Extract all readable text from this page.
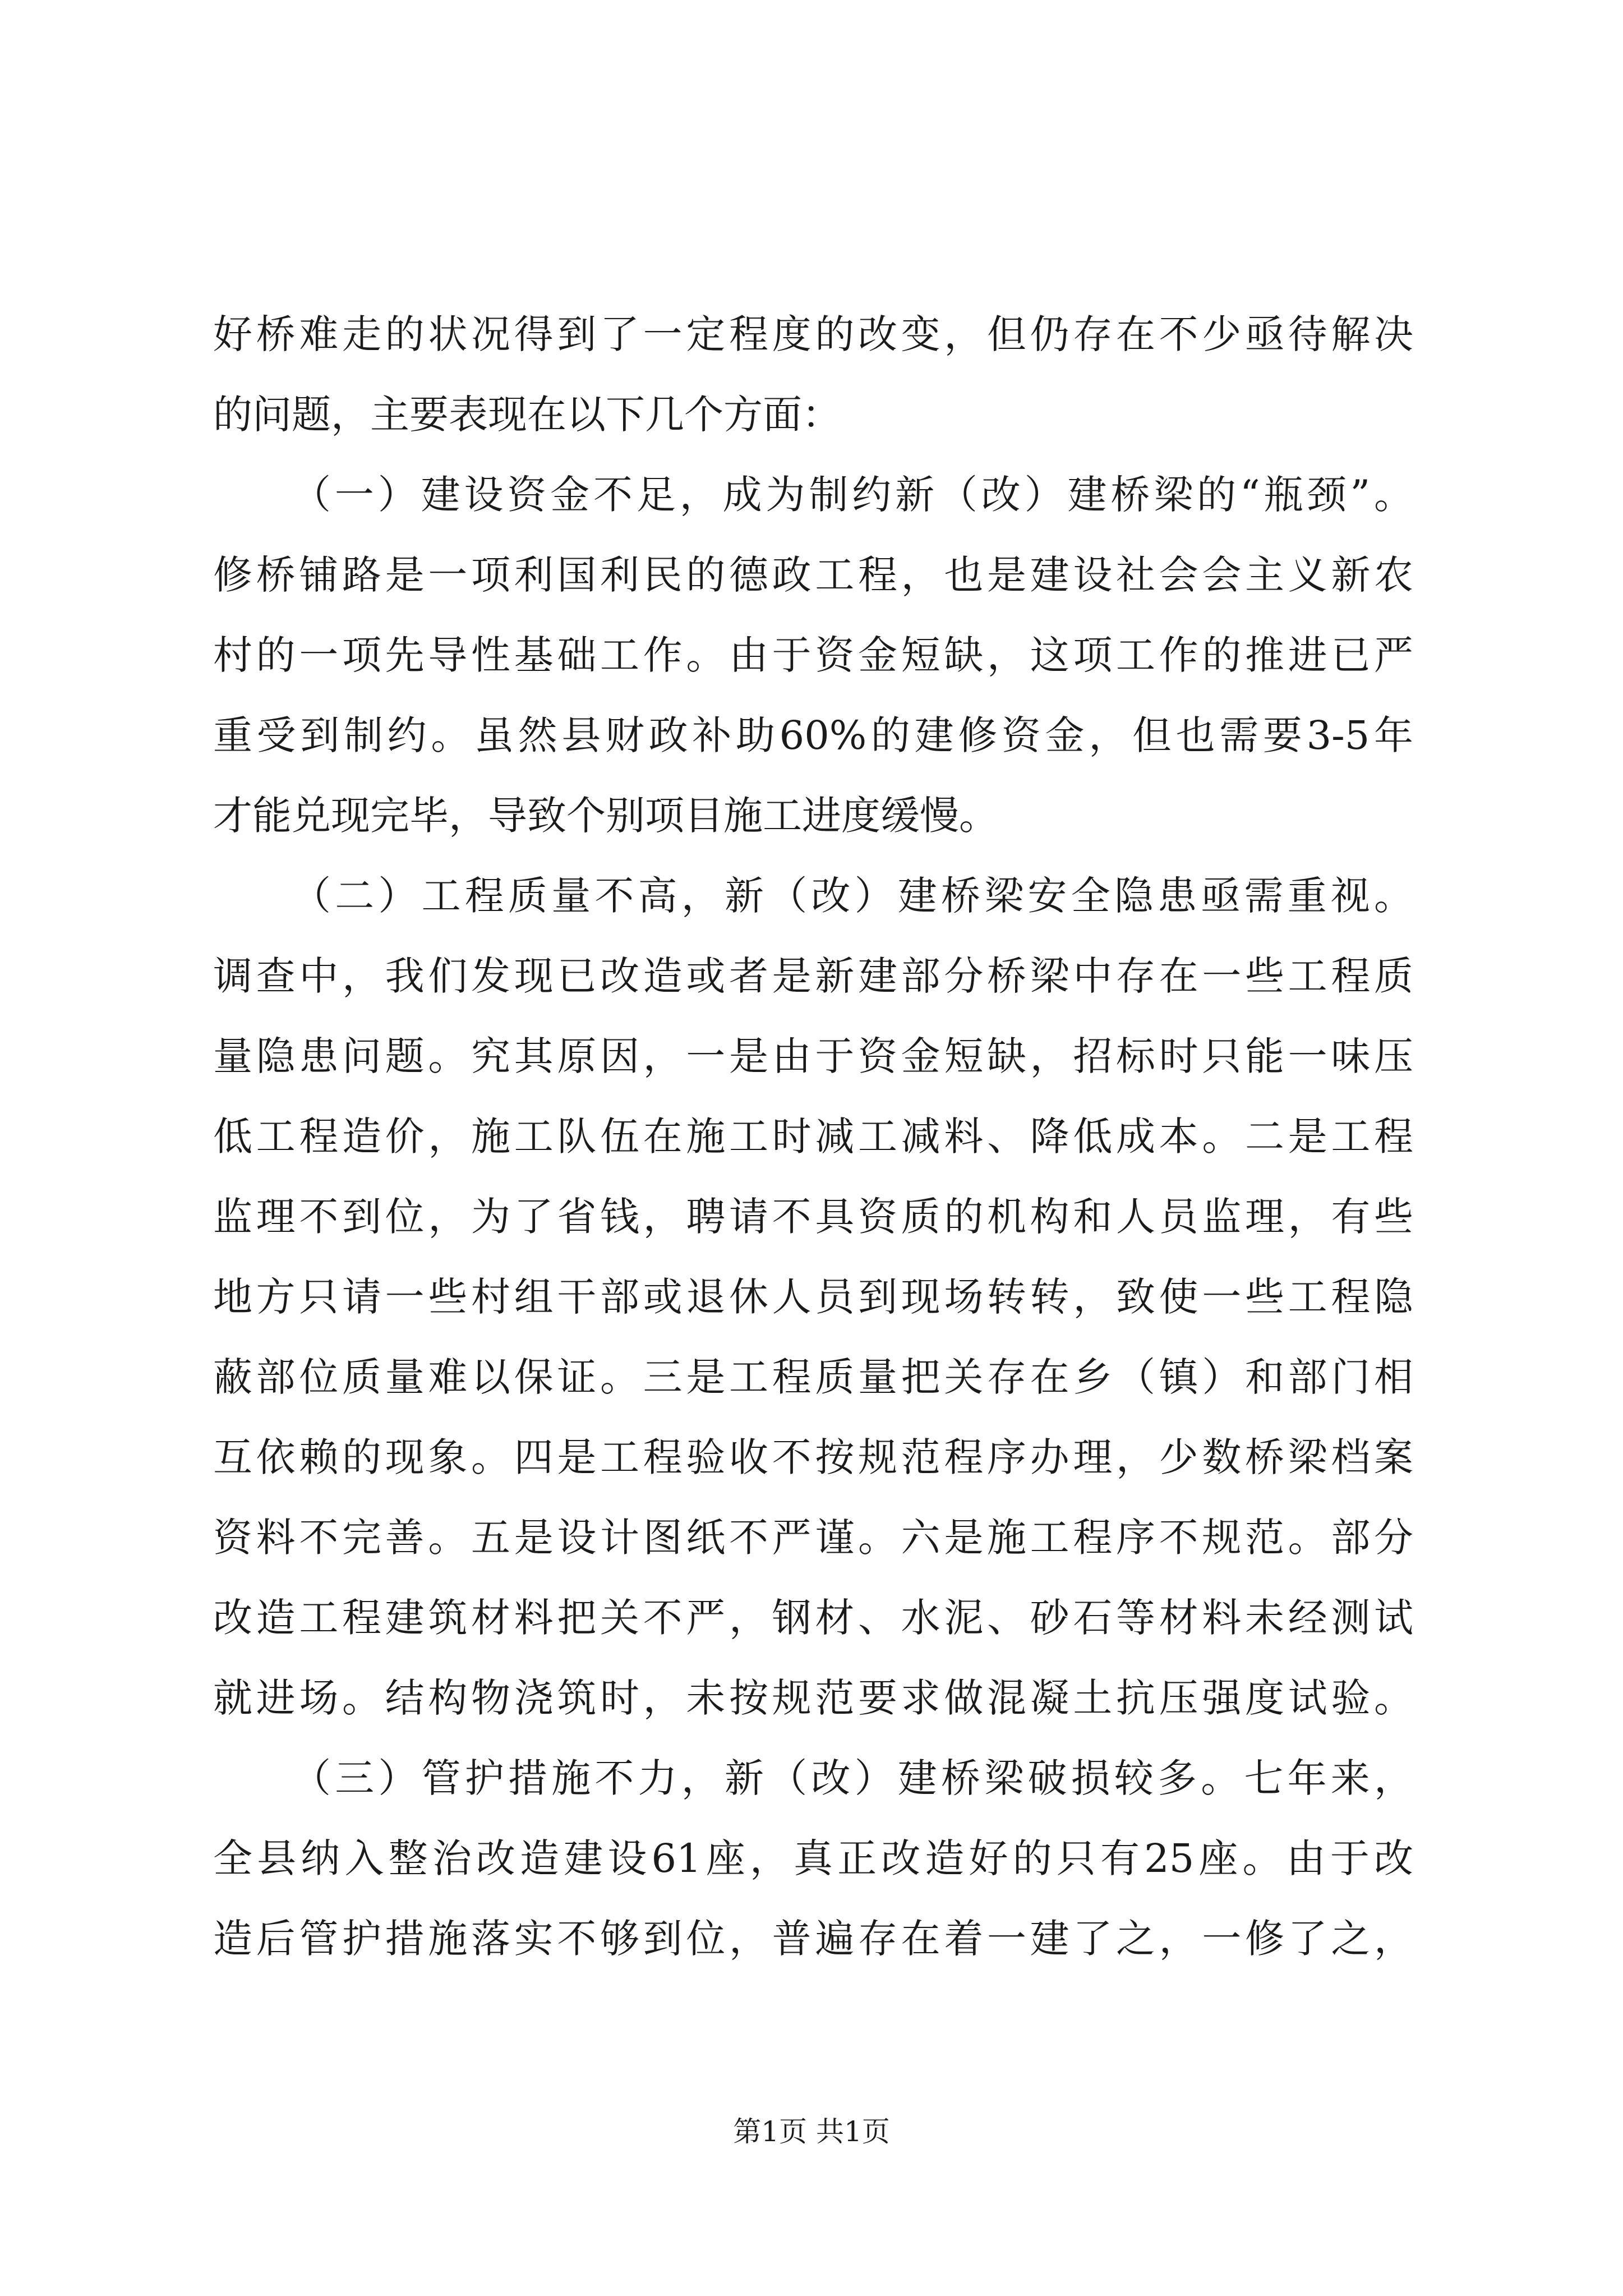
好桥难走的状况得到了一定程度的改变，但仍存在不少亟待解决
的问题，主要表现在以下几个方面：
（一）建设资金不足，成为制约新（改）建桥梁的“瓶颈”。
修桥铺路是一项利国利民的德政工程，也是建设社会会主义新农
村的一项先导性基础工作。由于资金短缺，这项工作的推进已严
重受到制约。虽然县财政补助60%的建修资金，但也需要3-5年
才能兑现完毕，导致个别项目施工进度缓慢。
（二）工程质量不高，新（改）建桥梁安全隐患亟需重视。
调查中，我们发现已改造或者是新建部分桥梁中存在一些工程质
量隐患问题。究其原因，一是由于资金短缺，招标时只能一味压
低工程造价，施工队伍在施工时减工减料、降低成本。二是工程
监理不到位，为了省钱，聘请不具资质的机构和人员监理，有些
地方只请一些村组干部或退休人员到现场转转，致使一些工程隐
蔽部位质量难以保证。三是工程质量把关存在乡（镇）和部门相
互依赖的现象。四是工程验收不按规范程序办理，少数桥梁档案
资料不完善。五是设计图纸不严谨。六是施工程序不规范。部分
改造工程建筑材料把关不严，钢材、水泥、砂石等材料未经测试
就进场。结构物浇筑时，未按规范要求做混凝土抗压强度试验。
（三）管护措施不力，新（改）建桥梁破损较多。七年来，
全县纳入整治改造建设61座，真正改造好的只有25座。由于改
造后管护措施落实不够到位，普遍存在着一建了之，一修了之，
第1页 共1页
